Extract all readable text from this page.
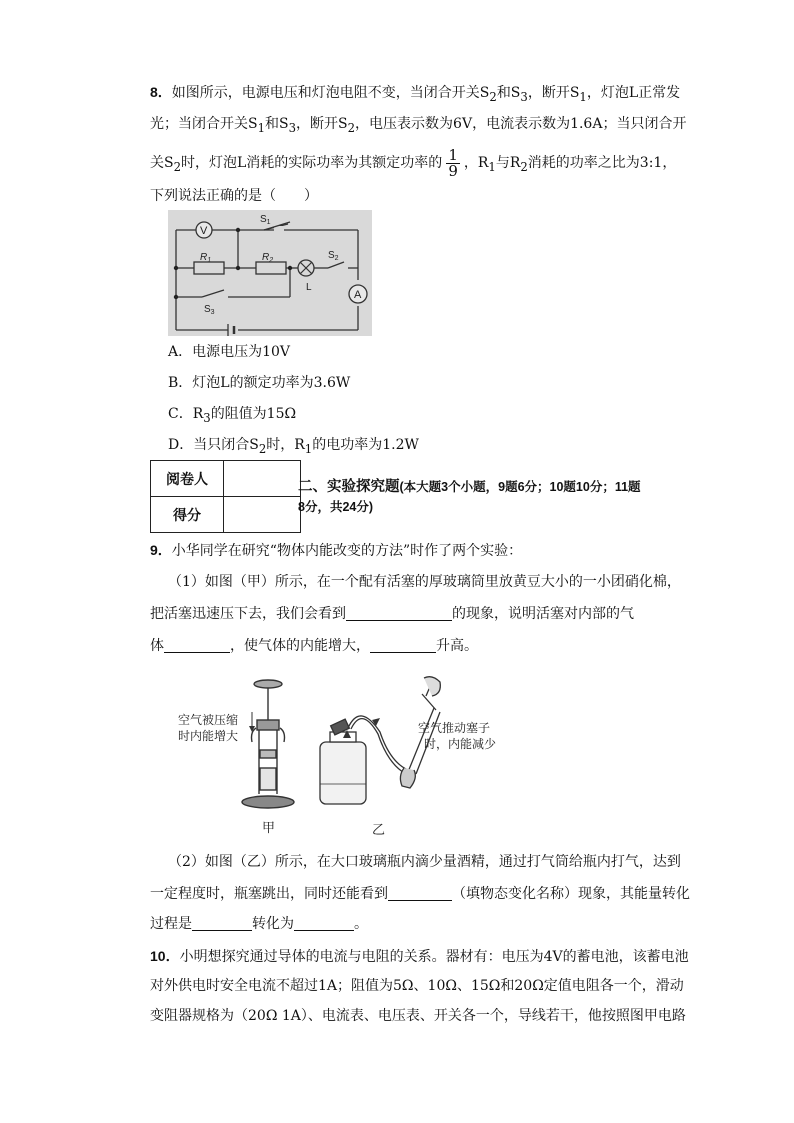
8．如图所示，电源电压和灯泡电阻不变，当闭合开关$S_2$和$S_3$，断开$S_1$，灯泡L正常发
光；当闭合开关$S_1$和$S_3$，断开$S_2$，电压表示数为6V，电流表示数为1.6A；当只闭合开
关$S_2$时，灯泡L消耗的实际功率为其额定功率的 $\frac{1}{9}$ ，$R_1$与$R_2$消耗的功率之比为3:1，
下列说法正确的是（　　）
V
A
$R_1$	$R_2$
L
$S_1$
$S_2$
$S_3$
A．电源电压为10V
B．灯泡L的额定功率为3.6W
C．$R_3$的阻值为15Ω
D．当只闭合$S_2$时，$R_1$的电功率为1.2W
阅卷人	
得分	
二、实验探究题(本大题3个小题，9题6分；10题10分；11题
8分，共24分)
9．小华同学在研究“物体内能改变的方法”时作了两个实验：
（1）如图（甲）所示，在一个配有活塞的厚玻璃筒里放黄豆大小的一小团硝化棉，
把活塞迅速压下去，我们会看到	的现象，说明活塞对内部的气
体	，使气体的内能增大，	升高。
空气被压缩
时内能增大
甲
空气推动塞子
时，内能减少
乙
（2）如图（乙）所示，在大口玻璃瓶内滴少量酒精，通过打气筒给瓶内打气，达到
一定程度时，瓶塞跳出，同时还能看到	（填物态变化名称）现象，其能量转化
过程是	转化为	。
10．小明想探究通过导体的电流与电阻的关系。器材有：电压为4V的蓄电池，该蓄电池
对外供电时安全电流不超过1A；阻值为5Ω、10Ω、15Ω和20Ω定值电阻各一个，滑动
变阻器规格为（20Ω 1A）、电流表、电压表、开关各一个，导线若干，他按照图甲电路
